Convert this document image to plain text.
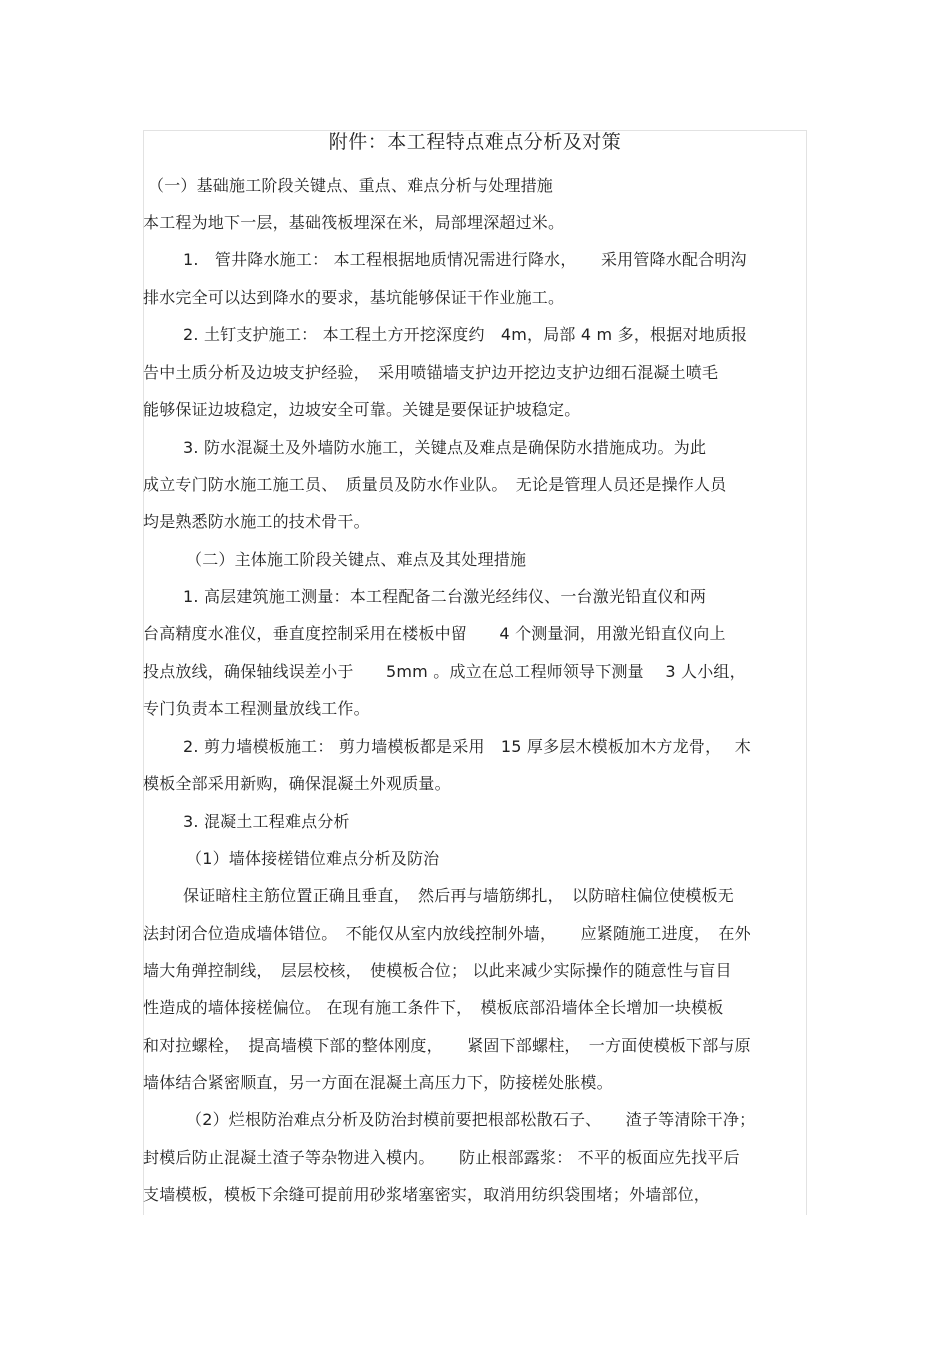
附件：本工程特点难点分析及对策
（一）基础施工阶段关键点、重点、难点分析与处理措施
本工程为地下一层，基础筏板埋深在米，局部埋深超过米。
1.　管井降水施工： 本工程根据地质情况需进行降水，　　采用管降水配合明沟
排水完全可以达到降水的要求，基坑能够保证干作业施工。
2. 土钉支护施工： 本工程土方开挖深度约　4m，局部 4 m 多，根据对地质报
告中土质分析及边坡支护经验，　采用喷锚墙支护边开挖边支护边细石混凝土喷毛
能够保证边坡稳定，边坡安全可靠。关键是要保证护坡稳定。
3. 防水混凝土及外墙防水施工，关键点及难点是确保防水措施成功。为此
成立专门防水施工施工员、　质量员及防水作业队。　无论是管理人员还是操作人员
均是熟悉防水施工的技术骨干。
（二）主体施工阶段关键点、难点及其处理措施
1. 高层建筑施工测量：本工程配备二台激光经纬仪、一台激光铅直仪和两
台高精度水准仪，垂直度控制采用在楼板中留　　4 个测量洞，用激光铅直仪向上
投点放线，确保轴线误差小于　　5mm 。成立在总工程师领导下测量　 3 人小组，
专门负责本工程测量放线工作。
2. 剪力墙模板施工： 剪力墙模板都是采用　15 厚多层木模板加木方龙骨，　 木
模板全部采用新购，确保混凝土外观质量。
3. 混凝土工程难点分析
（1）墙体接槎错位难点分析及防治
保证暗柱主筋位置正确且垂直，　然后再与墙筋绑扎，　以防暗柱偏位使模板无
法封闭合位造成墙体错位。　不能仅从室内放线控制外墙，　　应紧随施工进度，　在外
墙大角弹控制线，　层层校核，　使模板合位； 以此来减少实际操作的随意性与盲目
性造成的墙体接槎偏位。 在现有施工条件下，　模板底部沿墙体全长增加一块模板
和对拉螺栓，　提高墙模下部的整体刚度，　　紧固下部螺柱，　一方面使模板下部与原
墙体结合紧密顺直，另一方面在混凝土高压力下，防接槎处胀模。
（2）烂根防治难点分析及防治封模前要把根部松散石子、　　渣子等清除干净；
封模后防止混凝土渣子等杂物进入模内。　　防止根部露浆： 不平的板面应先找平后
支墙模板，模板下余缝可提前用砂浆堵塞密实，取消用纺织袋围堵；外墙部位，
